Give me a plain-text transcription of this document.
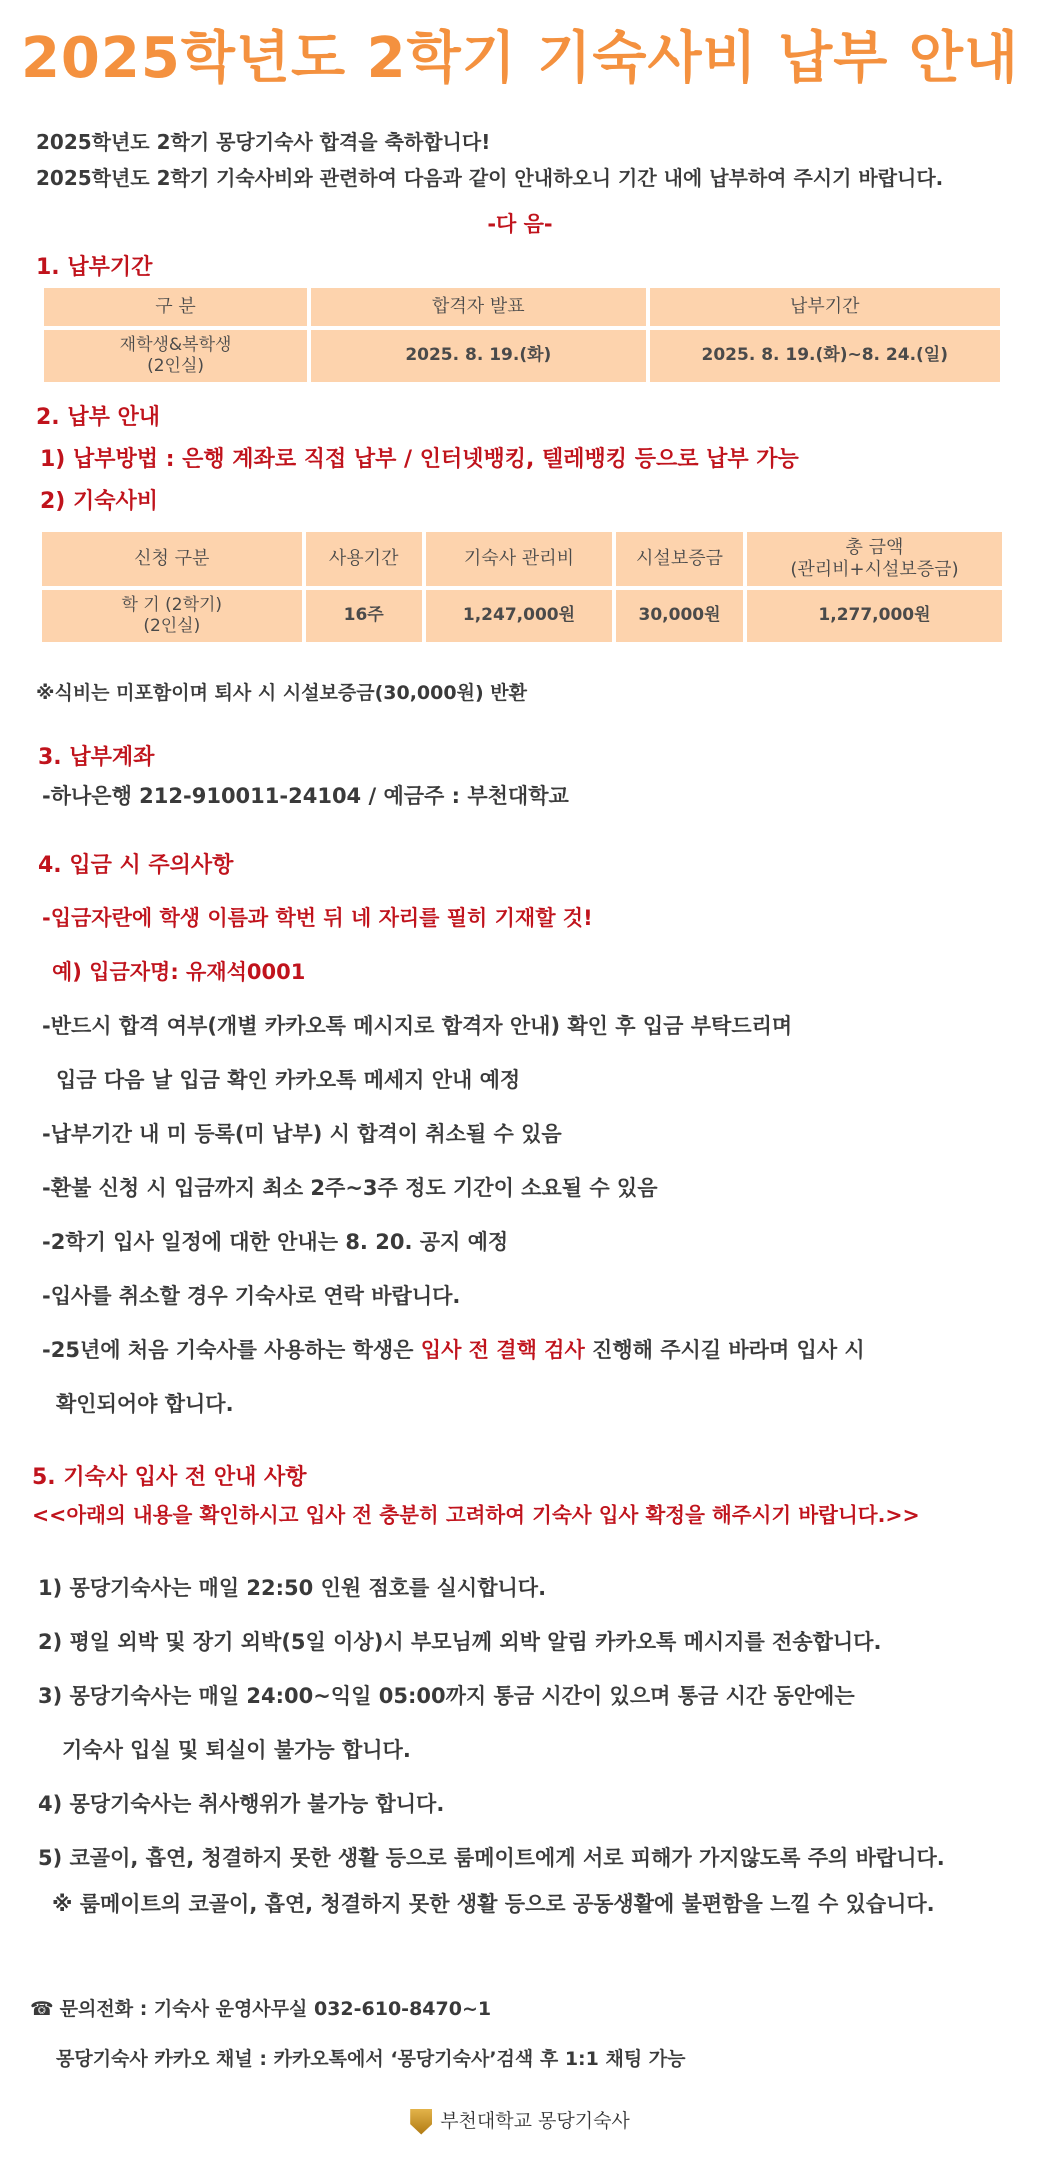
2025학년도 2학기 기숙사비 납부 안내
2025학년도 2학기 몽당기숙사 합격을 축하합니다!
2025학년도 2학기 기숙사비와 관련하여 다음과 같이 안내하오니 기간 내에 납부하여 주시기 바랍니다.
-다 음-
1. 납부기간
구 분	합격자 발표	납부기간
재학생&복학생
(2인실)	2025. 8. 19.(화)	2025. 8. 19.(화)~8. 24.(일)
2. 납부 안내
1) 납부방법 : 은행 계좌로 직접 납부 / 인터넷뱅킹, 텔레뱅킹 등으로 납부 가능
2) 기숙사비
신청 구분	사용기간	기숙사 관리비	시설보증금	총 금액
(관리비+시설보증금)
학 기 (2학기)
(2인실)	16주	1,247,000원	30,000원	1,277,000원
※식비는 미포함이며 퇴사 시 시설보증금(30,000원) 반환
3. 납부계좌
-하나은행 212-910011-24104 / 예금주 : 부천대학교
4. 입금 시 주의사항
-입금자란에 학생 이름과 학번 뒤 네 자리를 필히 기재할 것!
예) 입금자명: 유재석0001
-반드시 합격 여부(개별 카카오톡 메시지로 합격자 안내) 확인 후 입금 부탁드리며
입금 다음 날 입금 확인 카카오톡 메세지 안내 예정
-납부기간 내 미 등록(미 납부) 시 합격이 취소될 수 있음
-환불 신청 시 입금까지 최소 2주~3주 정도 기간이 소요될 수 있음
-2학기 입사 일정에 대한 안내는 8. 20. 공지 예정
-입사를 취소할 경우 기숙사로 연락 바랍니다.
-25년에 처음 기숙사를 사용하는 학생은 입사 전 결핵 검사 진행해 주시길 바라며 입사 시
확인되어야 합니다.
5. 기숙사 입사 전 안내 사항
<<아래의 내용을 확인하시고 입사 전 충분히 고려하여 기숙사 입사 확정을 해주시기 바랍니다.>>
1) 몽당기숙사는 매일 22:50 인원 점호를 실시합니다.
2) 평일 외박 및 장기 외박(5일 이상)시 부모님께 외박 알림 카카오톡 메시지를 전송합니다.
3) 몽당기숙사는 매일 24:00~익일 05:00까지 통금 시간이 있으며 통금 시간 동안에는
기숙사 입실 및 퇴실이 불가능 합니다.
4) 몽당기숙사는 취사행위가 불가능 합니다.
5) 코골이, 흡연, 청결하지 못한 생활 등으로 룸메이트에게 서로 피해가 가지않도록 주의 바랍니다.
※ 룸메이트의 코골이, 흡연, 청결하지 못한 생활 등으로 공동생활에 불편함을 느낄 수 있습니다.
☎ 문의전화 : 기숙사 운영사무실 032-610-8470~1
몽당기숙사 카카오 채널 : 카카오톡에서 ‘몽당기숙사’검색 후 1:1 채팅 가능
부천대학교 몽당기숙사
